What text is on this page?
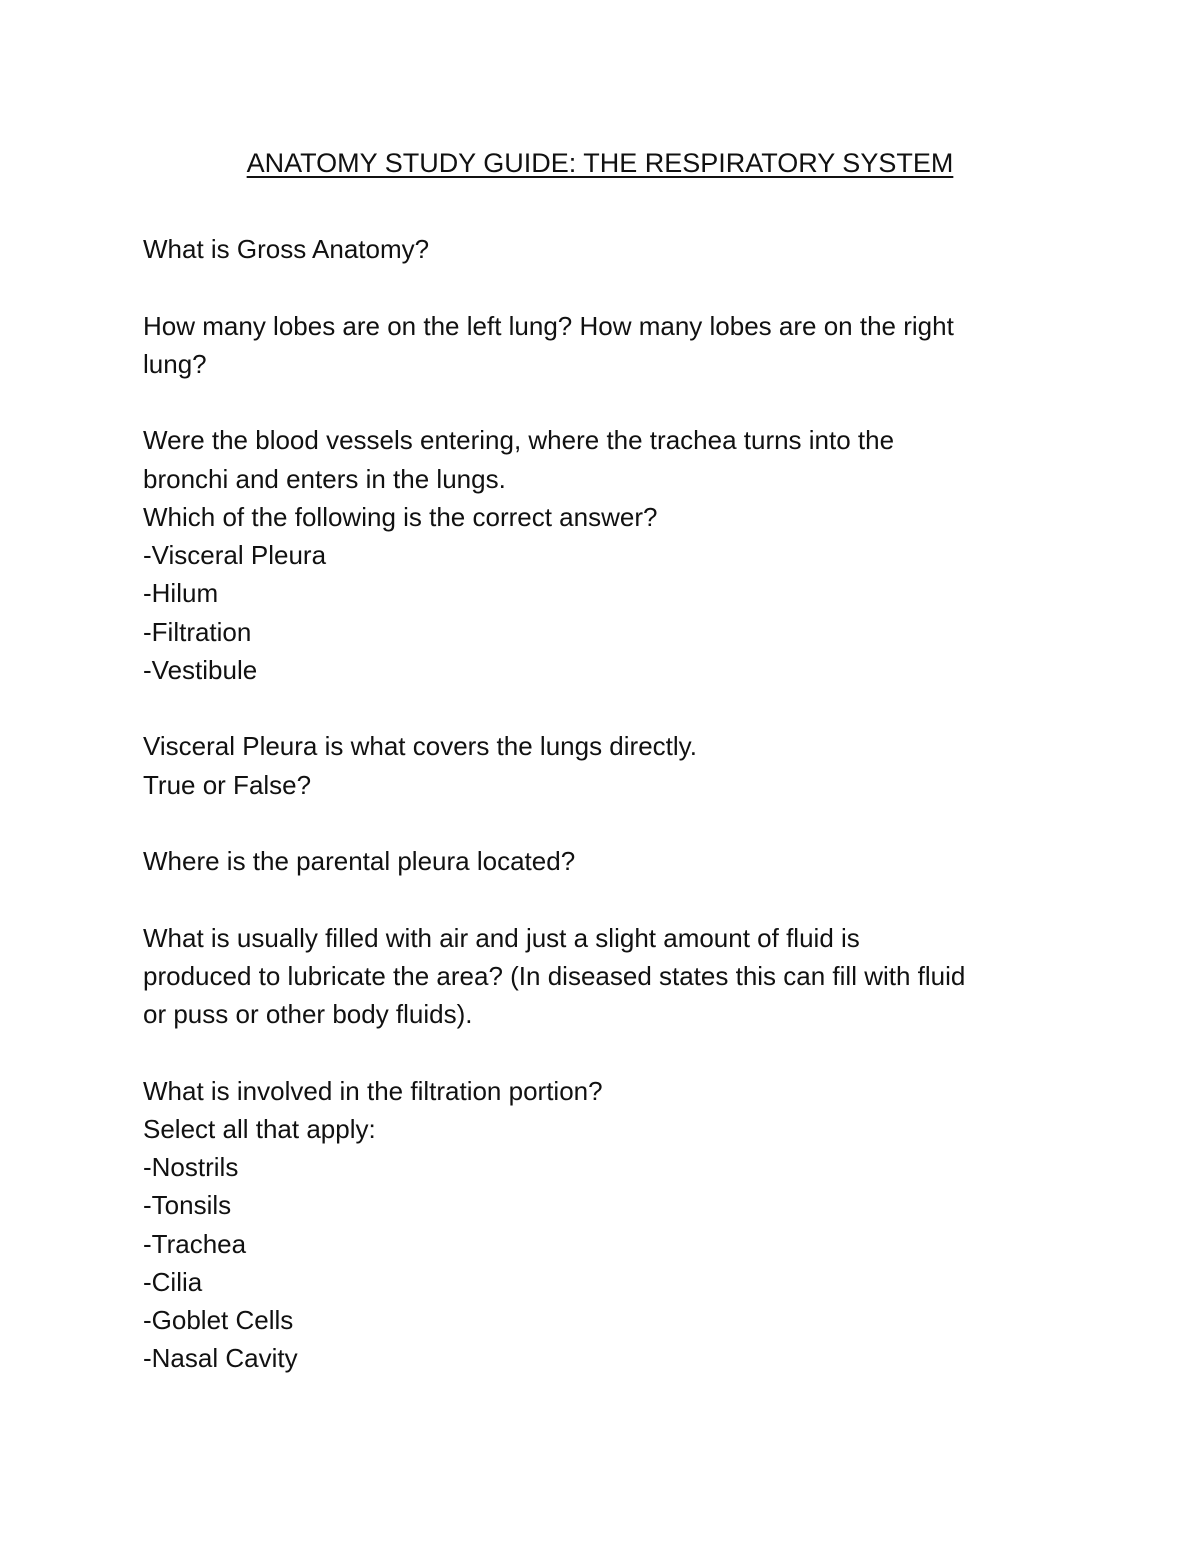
ANATOMY STUDY GUIDE: THE RESPIRATORY SYSTEM

What is Gross Anatomy?

How many lobes are on the left lung? How many lobes are on the right

lung?

Were the blood vessels entering, where the trachea turns into the

bronchi and enters in the lungs.

Which of the following is the correct answer?

-Visceral Pleura

-Hilum

-Filtration

-Vestibule

Visceral Pleura is what covers the lungs directly.

True or False?

Where is the parental pleura located?

What is usually filled with air and just a slight amount of fluid is

produced to lubricate the area? (In diseased states this can fill with fluid

or puss or other body fluids).

What is involved in the filtration portion?

Select all that apply:

-Nostrils

-Tonsils

-Trachea

-Cilia

-Goblet Cells

-Nasal Cavity
